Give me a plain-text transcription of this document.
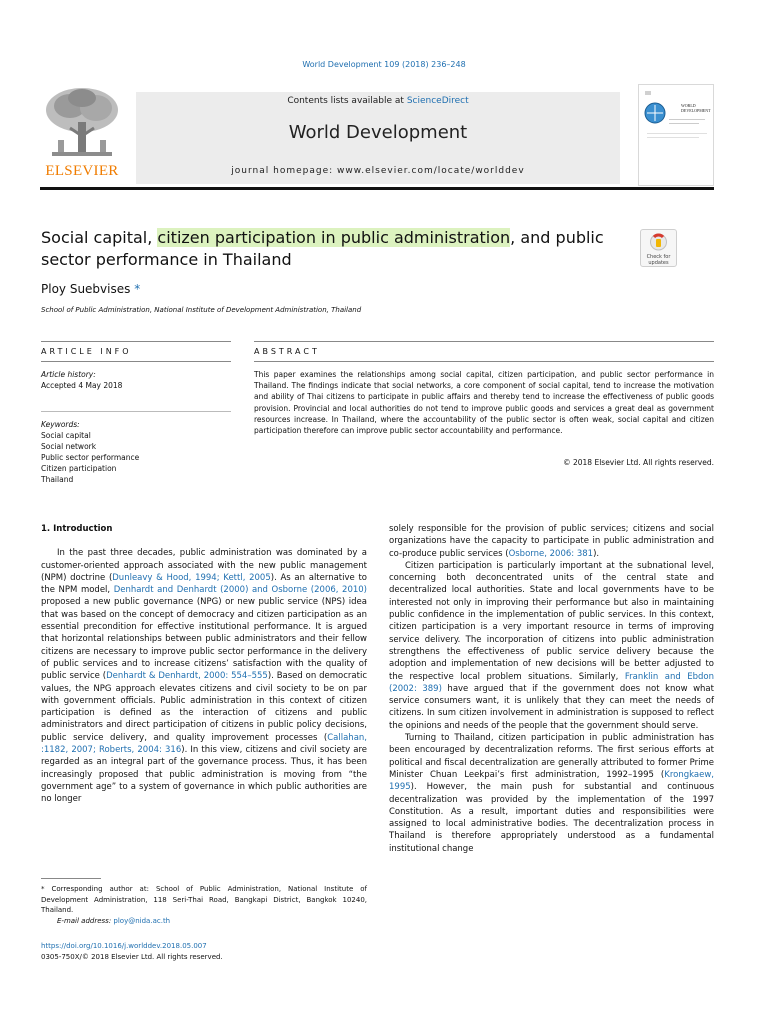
World Development 109 (2018) 236–248
ELSEVIER
Contents lists available at ScienceDirect
World Development
journal homepage: www.elsevier.com/locate/worlddev
WORLD DEVELOPMENT
Social capital, citizen participation in public administration, and public sector performance in Thailand	Check for updates
Ploy Suebvises *
School of Public Administration, National Institute of Development Administration, Thailand
ARTICLE INFO	ABSTRACT
Article history:
Accepted 4 May 2018
Keywords:
Social capital
Social network
Public sector performance
Citizen participation
Thailand
This paper examines the relationships among social capital, citizen participation, and public sector performance in Thailand. The findings indicate that social networks, a core component of social capital, tend to increase the motivation and ability of Thai citizens to participate in public affairs and thereby tend to increase the effectiveness of public goods provision. Provincial and local authorities do not tend to improve public goods and services a great deal as government resources increase. In Thailand, where the accountability of the public sector is often weak, social capital and citizen participation therefore can improve public sector accountability and performance.
© 2018 Elsevier Ltd. All rights reserved.

1. Introduction

In the past three decades, public administration was dominated by a customer-oriented approach associated with the new public management (NPM) doctrine (Dunleavy & Hood, 1994; Kettl, 2005). As an alternative to the NPM model, Denhardt and Denhardt (2000) and Osborne (2006, 2010) proposed a new public governance (NPG) or new public service (NPS) idea that was based on the concept of democracy and citizen participation as an essential precondition for effective institutional performance. It is argued that horizontal relationships between public administrators and their fellow citizens are necessary to improve public sector performance in the delivery of public services and to increase citizens’ satisfaction with the quality of public service (Denhardt & Denhardt, 2000: 554–555). Based on democratic values, the NPG approach elevates citizens and civil society to be on par with government officials. Public administration in this context of citizen participation is defined as the interaction of citizens and public administrators and direct participation of citizens in public policy decisions, public service delivery, and quality improvement processes (Callahan, :1182, 2007; Roberts, 2004: 316). In this view, citizens and civil society are regarded as an integral part of the governance process. Thus, it has been increasingly proposed that public administration is moving from “the government age” to a system of governance in which public authorities are no longer

solely responsible for the provision of public services; citizens and social organizations have the capacity to participate in public administration and co-produce public services (Osborne, 2006: 381).

Citizen participation is particularly important at the subnational level, concerning both deconcentrated units of the central state and decentralized local authorities. State and local governments have to be interested not only in improving their performance but also in maintaining public confidence in the implementation of public services. In this context, citizen participation is a very important resource in terms of improving service delivery. The incorporation of citizens into public administration strengthens the effectiveness of public service delivery because the adoption and implementation of new decisions will be better adjusted to the respective local problem situations. Similarly, Franklin and Ebdon (2002: 389) have argued that if the government does not know what service consumers want, it is unlikely that they can meet the needs of citizens. In sum citizen involvement in administration is supposed to reflect the opinions and needs of the people that the government should serve.

Turning to Thailand, citizen participation in public administration has been encouraged by decentralization reforms. The first serious efforts at political and fiscal decentralization are generally attributed to former Prime Minister Chuan Leekpai’s first administration, 1992–1995 (Krongkaew, 1995). However, the main push for substantial and continuous decentralization was provided by the implementation of the 1997 Constitution. As a result, important duties and responsibilities were assigned to local administrative bodies. The decentralization process in Thailand is therefore appropriately understood as a fundamental institutional change

* Corresponding author at: School of Public Administration, National Institute of Development Administration, 118 Seri-Thai Road, Bangkapi District, Bangkok 10240, Thailand.
E-mail address: ploy@nida.ac.th
https://doi.org/10.1016/j.worlddev.2018.05.007
0305-750X/© 2018 Elsevier Ltd. All rights reserved.
